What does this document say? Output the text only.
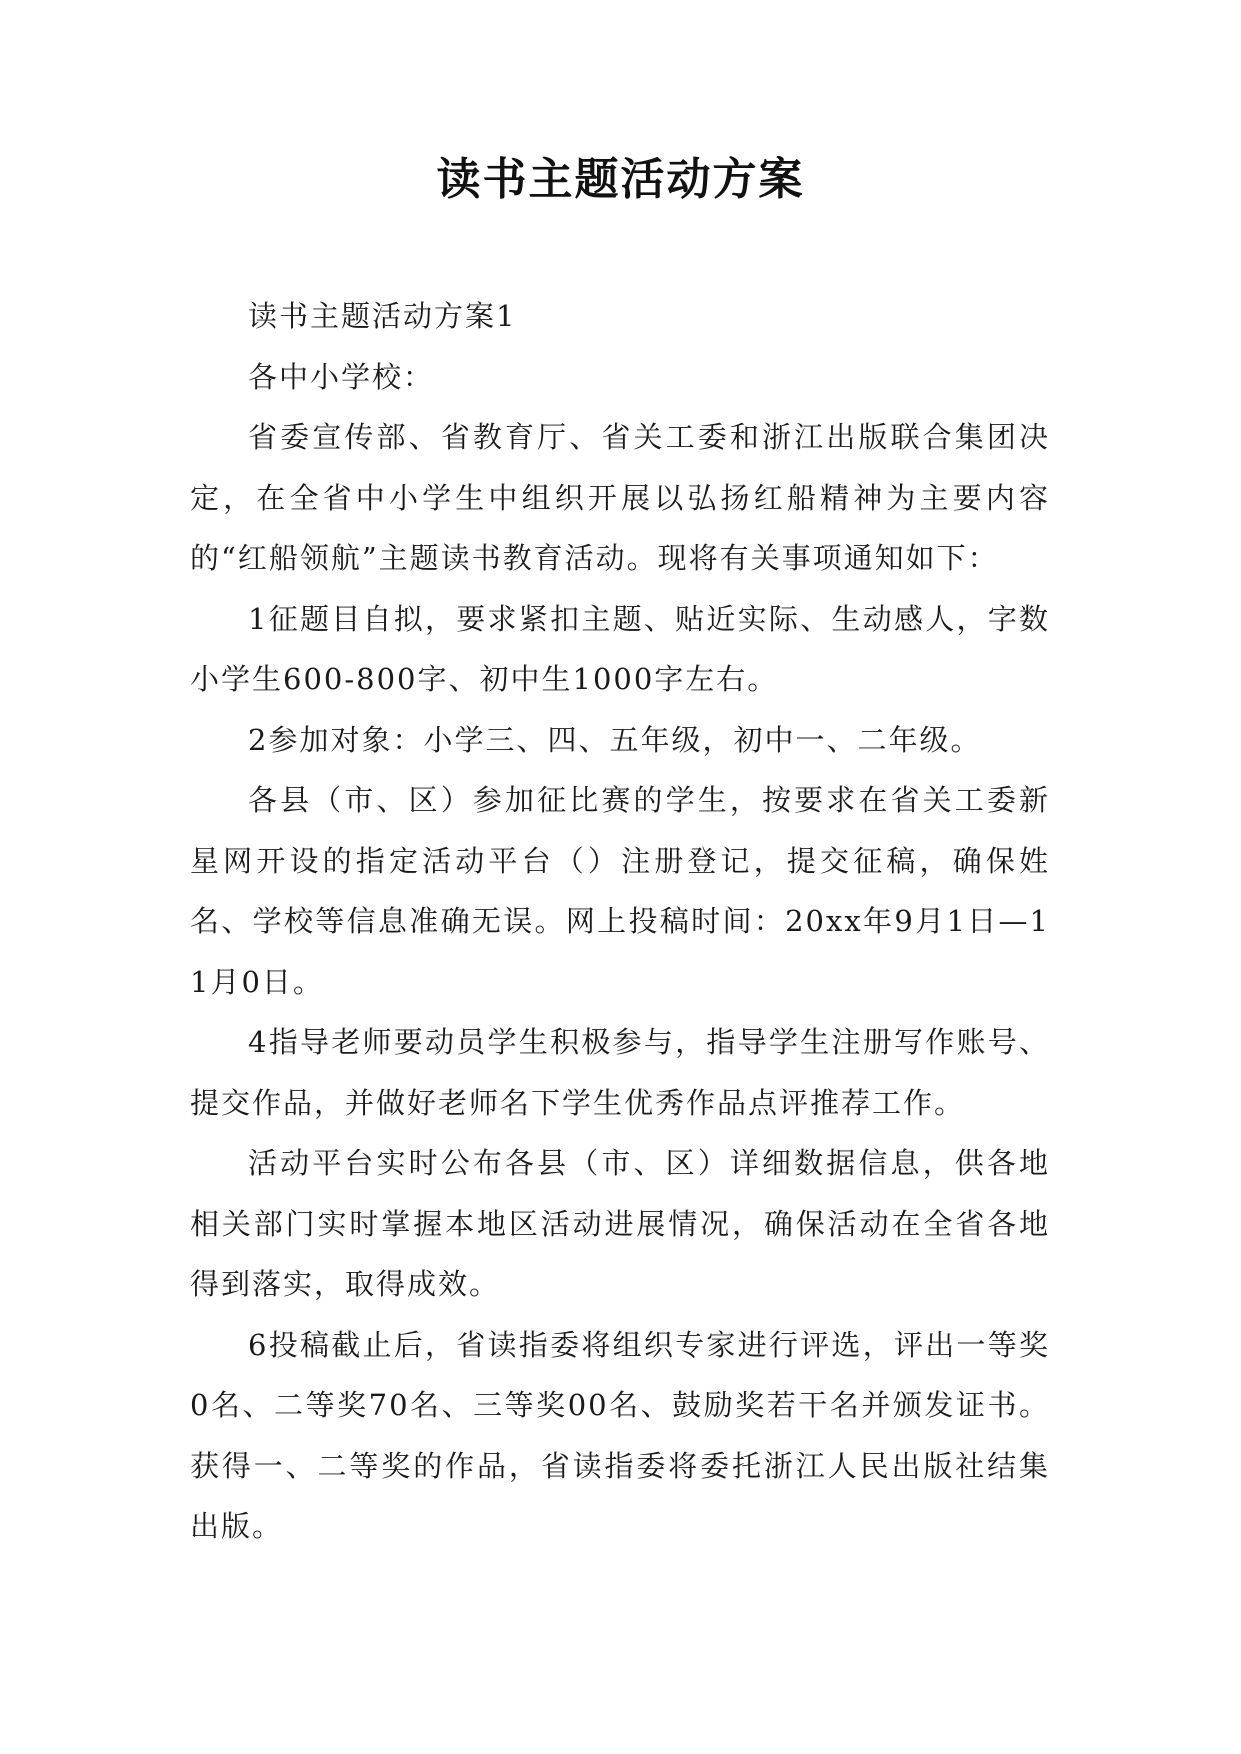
读书主题活动方案

读书主题活动方案1

各中小学校：

省委宣传部、省教育厅、省关工委和浙江出版联合集团决定，在全省中小学生中组织开展以弘扬红船精神为主要内容的“红船领航”主题读书教育活动。现将有关事项通知如下：

1征题目自拟，要求紧扣主题、贴近实际、生动感人，字数小学生600-800字、初中生1000字左右。

2参加对象：小学三、四、五年级，初中一、二年级。

各县（市、区）参加征比赛的学生，按要求在省关工委新星网开设的指定活动平台（）注册登记，提交征稿，确保姓名、学校等信息准确无误。网上投稿时间：20xx年9月1日—11月0日。

4指导老师要动员学生积极参与，指导学生注册写作账号、提交作品，并做好老师名下学生优秀作品点评推荐工作。

活动平台实时公布各县（市、区）详细数据信息，供各地相关部门实时掌握本地区活动进展情况，确保活动在全省各地得到落实，取得成效。

6投稿截止后，省读指委将组织专家进行评选，评出一等奖0名、二等奖70名、三等奖00名、鼓励奖若干名并颁发证书。获得一、二等奖的作品，省读指委将委托浙江人民出版社结集出版。
